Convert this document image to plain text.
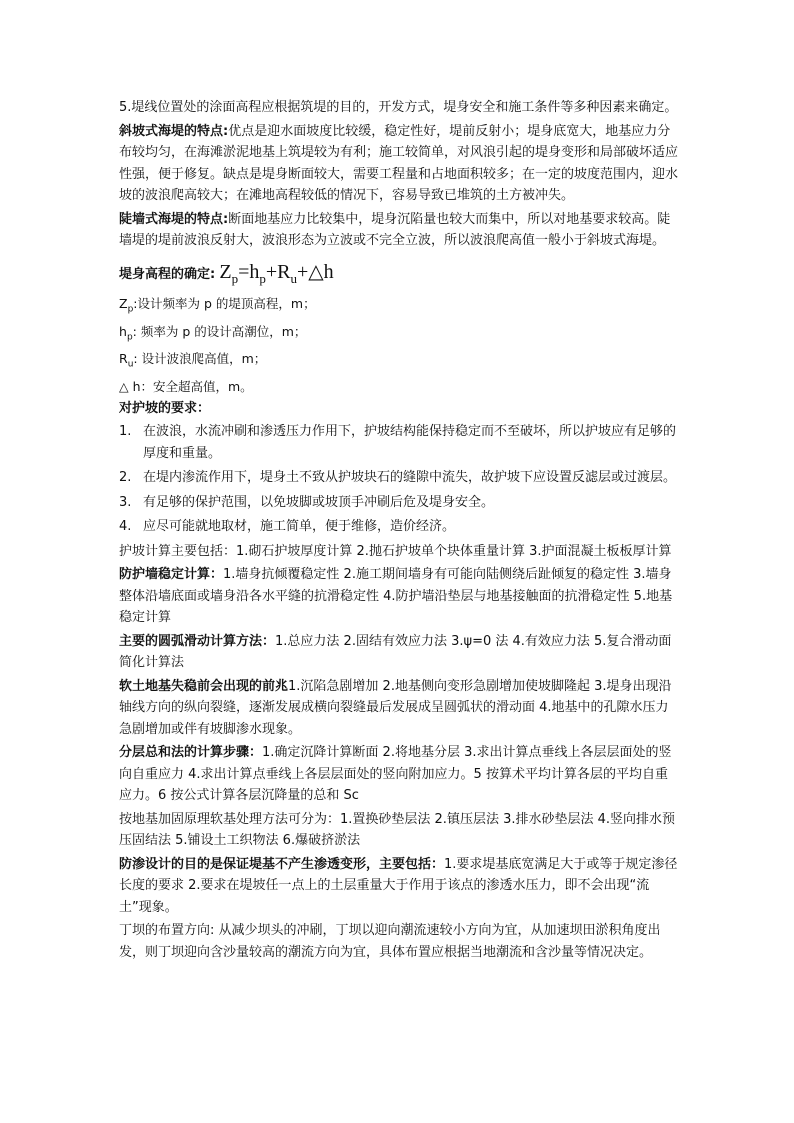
5.堤线位置处的涂面高程应根据筑堤的目的，开发方式，堤身安全和施工条件等多种因素来确定。

斜坡式海堤的特点:优点是迎水面坡度比较缓，稳定性好，堤前反射小；堤身底宽大，地基应力分布较均匀，在海滩淤泥地基上筑堤较为有利；施工较简单，对风浪引起的堤身变形和局部破坏适应性强，便于修复。缺点是堤身断面较大，需要工程量和占地面积较多；在一定的坡度范围内，迎水坡的波浪爬高较大；在滩地高程较低的情况下，容易导致已堆筑的土方被冲失。

陡墙式海堤的特点:断面地基应力比较集中，堤身沉陷量也较大而集中，所以对地基要求较高。陡墙堤的堤前波浪反射大，波浪形态为立波或不完全立波，所以波浪爬高值一般小于斜坡式海堤。

堤身高程的确定: $Z_p=h_p+R_u+\triangle h$

$Z_p$:设计频率为 p 的堤顶高程，m；

$h_p$: 频率为 p 的设计高潮位，m；

$R_u$: 设计波浪爬高值，m；

△ h：安全超高值，m。

对护坡的要求：

1. 在波浪，水流冲刷和渗透压力作用下，护坡结构能保持稳定而不至破坏，所以护坡应有足够的厚度和重量。
2. 在堤内渗流作用下，堤身土不致从护坡块石的缝隙中流失，故护坡下应设置反滤层或过渡层。
3. 有足够的保护范围，以免坡脚或坡顶手冲刷后危及堤身安全。
4. 应尽可能就地取材，施工简单，便于维修，造价经济。

护坡计算主要包括：1.砌石护坡厚度计算 2.抛石护坡单个块体重量计算 3.护面混凝土板板厚计算

防护墙稳定计算：1.墙身抗倾覆稳定性 2.施工期间墙身有可能向陆侧绕后趾倾复的稳定性 3.墙身整体沿墙底面或墙身沿各水平缝的抗滑稳定性 4.防护墙沿垫层与地基接触面的抗滑稳定性 5.地基稳定计算

主要的圆弧滑动计算方法：1.总应力法 2.固结有效应力法 3.ψ=0 法 4.有效应力法 5.复合滑动面简化计算法

软土地基失稳前会出现的前兆1.沉陷急剧增加 2.地基侧向变形急剧增加使坡脚隆起 3.堤身出现沿轴线方向的纵向裂缝，逐渐发展成横向裂缝最后发展成呈圆弧状的滑动面 4.地基中的孔隙水压力急剧增加或伴有坡脚渗水现象。

分层总和法的计算步骤：1.确定沉降计算断面 2.将地基分层 3.求出计算点垂线上各层层面处的竖向自重应力 4.求出计算点垂线上各层层面处的竖向附加应力。5 按算术平均计算各层的平均自重应力。6 按公式计算各层沉降量的总和 Sc

按地基加固原理软基处理方法可分为：1.置换砂垫层法 2.镇压层法 3.排水砂垫层法 4.竖向排水预压固结法 5.铺设土工织物法 6.爆破挤淤法

防渗设计的目的是保证堤基不产生渗透变形，主要包括：1.要求堤基底宽满足大于或等于规定渗径长度的要求 2.要求在堤坡任一点上的土层重量大于作用于该点的渗透水压力，即不会出现“流土”现象。

丁坝的布置方向: 从减少坝头的冲刷，丁坝以迎向潮流速较小方向为宜，从加速坝田淤积角度出发，则丁坝迎向含沙量较高的潮流方向为宜，具体布置应根据当地潮流和含沙量等情况决定。
